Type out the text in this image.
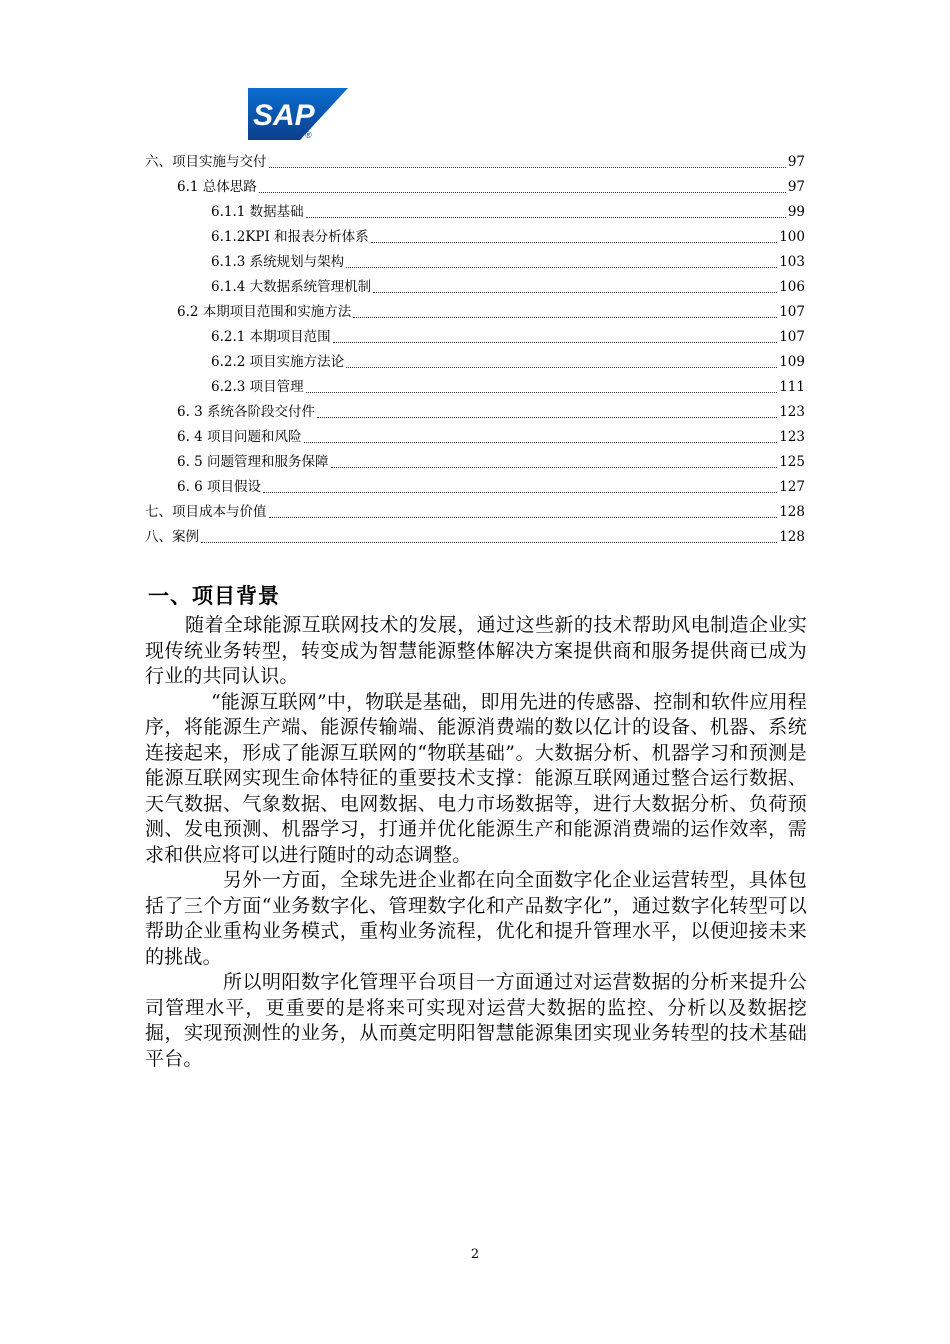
SAP
®
六、项目实施与交付	97
6.1 总体思路	97
6.1.1 数据基础	99
6.1.2KPI 和报表分析体系	100
6.1.3 系统规划与架构	103
6.1.4 大数据系统管理机制	106
6.2 本期项目范围和实施方法	107
6.2.1 本期项目范围	107
6.2.2 项目实施方法论	109
6.2.3 项目管理	111
6. 3 系统各阶段交付件	123
6. 4 项目问题和风险	123
6. 5 问题管理和服务保障	125
6. 6 项目假设	127
七、项目成本与价值	128
八、案例	128
一、项目背景

随着全球能源互联网技术的发展，通过这些新的技术帮助风电制造企业实现传统业务转型，转变成为智慧能源整体解决方案提供商和服务提供商已成为行业的共同认识。

“能源互联网”中，物联是基础，即用先进的传感器、控制和软件应用程序，将能源生产端、能源传输端、能源消费端的数以亿计的设备、机器、系统连接起来，形成了能源互联网的“物联基础”。大数据分析、机器学习和预测是能源互联网实现生命体特征的重要技术支撑：能源互联网通过整合运行数据、天气数据、气象数据、电网数据、电力市场数据等，进行大数据分析、负荷预测、发电预测、机器学习，打通并优化能源生产和能源消费端的运作效率，需求和供应将可以进行随时的动态调整。

另外一方面，全球先进企业都在向全面数字化企业运营转型，具体包括了三个方面“业务数字化、管理数字化和产品数字化”，通过数字化转型可以帮助企业重构业务模式，重构业务流程，优化和提升管理水平，以便迎接未来的挑战。

所以明阳数字化管理平台项目一方面通过对运营数据的分析来提升公司管理水平，更重要的是将来可实现对运营大数据的监控、分析以及数据挖掘，实现预测性的业务，从而奠定明阳智慧能源集团实现业务转型的技术基础平台。

2
